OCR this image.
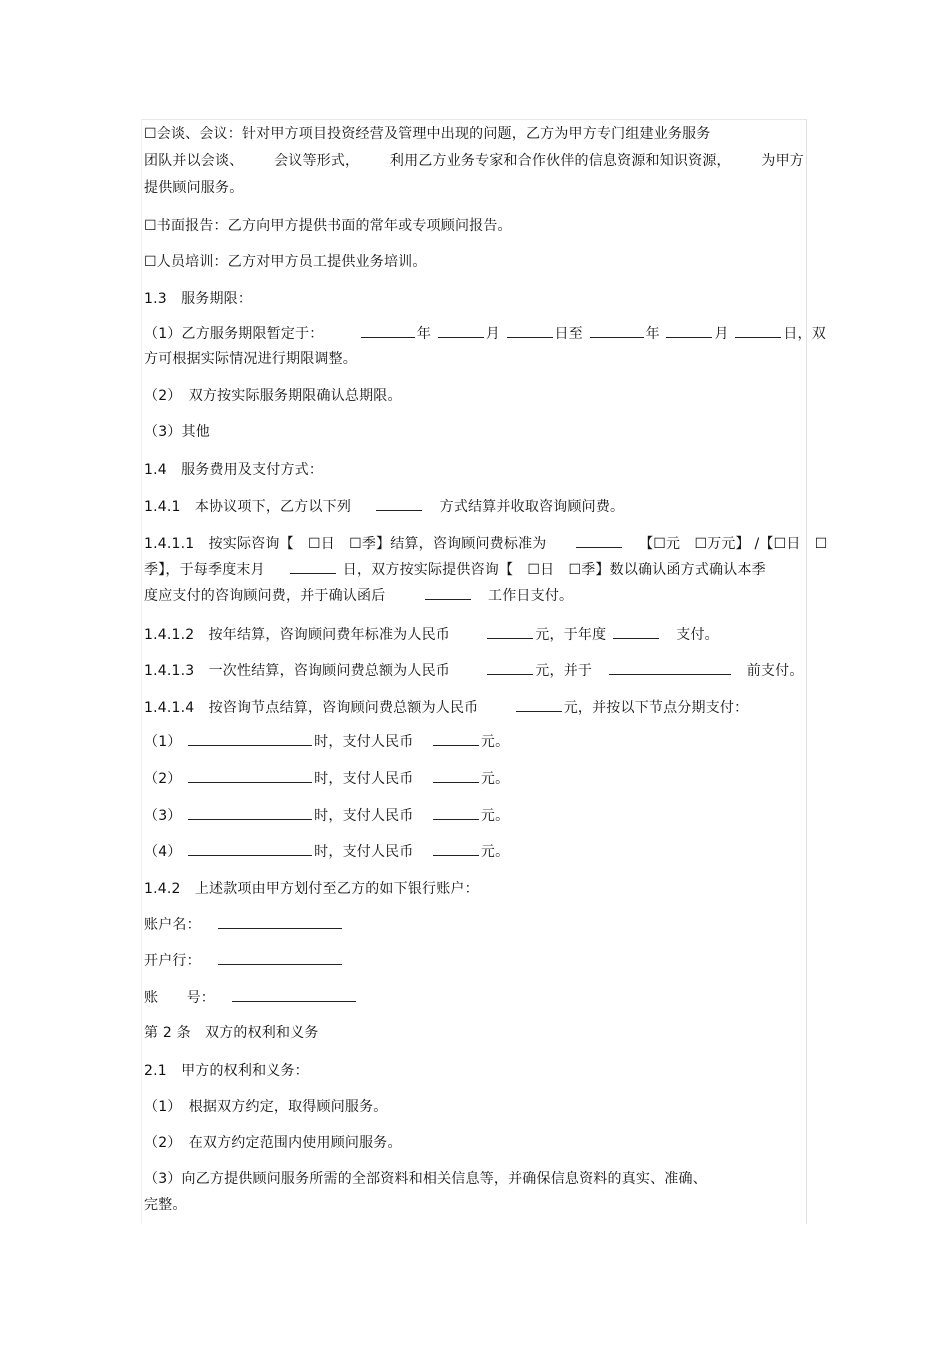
☐会谈、会议：针对甲方项目投资经营及管理中出现的问题，乙方为甲方专门组建业务服务
团队并以会谈、 会议等形式， 利用乙方业务专家和合作伙伴的信息资源和知识资源， 为甲方
提供顾问服务。
☐书面报告：乙方向甲方提供书面的常年或专项顾问报告。
☐人员培训：乙方对甲方员工提供业务培训。
1.3　服务期限：
（1）乙方服务期限暂定于：	年	月	日至	年	月	日，双
方可根据实际情况进行期限调整。
（2）　双方按实际服务期限确认总期限。
（3）其他
1.4　服务费用及支付方式：
1.4.1　本协议项下，乙方以下列	方式结算并收取咨询顾问费。
1.4.1.1　按实际咨询【　☐日　☐季】结算，咨询顾问费标准为	【☐元　☐万元】 /【☐日　☐
季】，于每季度末月	日，双方按实际提供咨询【　☐日　☐季】数以确认函方式确认本季
度应支付的咨询顾问费，并于确认函后	工作日支付。
1.4.1.2　按年结算，咨询顾问费年标准为人民币	元，于年度	支付。
1.4.1.3　一次性结算，咨询顾问费总额为人民币	元，并于	前支付。
1.4.1.4　按咨询节点结算，咨询顾问费总额为人民币	元，并按以下节点分期支付：
（1）	时，支付人民币	元。
（2）	时，支付人民币	元。
（3）	时，支付人民币	元。
（4）	时，支付人民币	元。
1.4.2　上述款项由甲方划付至乙方的如下银行账户：
账户名：
开户行：
账　　号：
第 2 条　双方的权利和义务
2.1　甲方的权利和义务：
（1）　根据双方约定，取得顾问服务。
（2）　在双方约定范围内使用顾问服务。
（3）向乙方提供顾问服务所需的全部资料和相关信息等，并确保信息资料的真实、准确、
完整。
